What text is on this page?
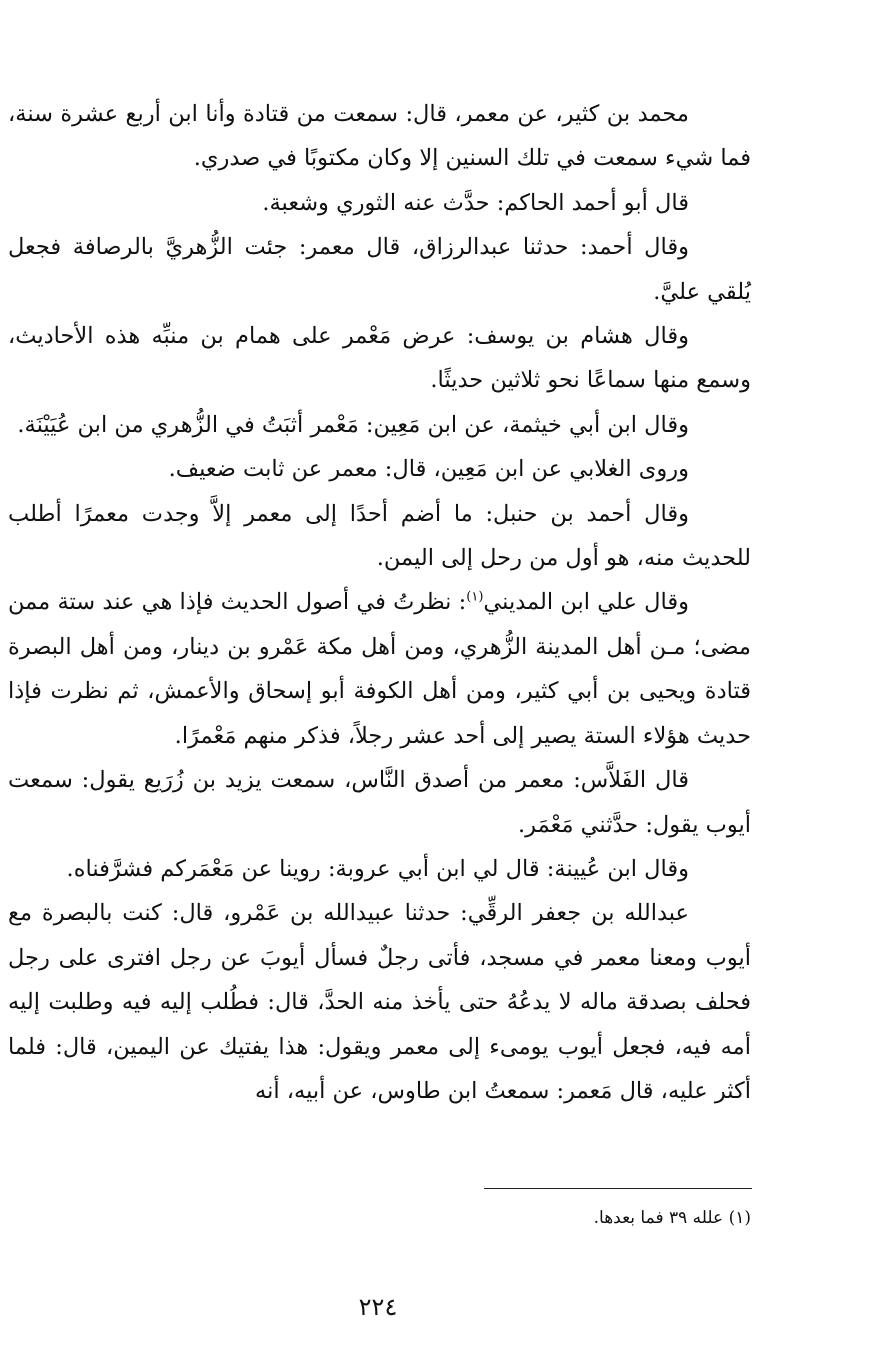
محمد بن كثير، عن معمر، قال: سمعت من قتادة وأنا ابن أربع عشرة سنة، فما شيء سمعت في تلك السنين إلا وكان مكتوبًا في صدري.

قال أبو أحمد الحاكم: حدَّث عنه الثوري وشعبة.

وقال أحمد: حدثنا عبدالرزاق، قال معمر: جئت الزُّهريَّ بالرصافة فجعل يُلقي عليَّ.

وقال هشام بن يوسف: عرض مَعْمر على همام بن منبِّه هذه الأحاديث، وسمع منها سماعًا نحو ثلاثين حديثًا.

وقال ابن أبي خيثمة، عن ابن مَعِين: مَعْمر أثبَتُ في الزُّهري من ابن عُيَيْنَة.

وروى الغلابي عن ابن مَعِين، قال: معمر عن ثابت ضعيف.

وقال أحمد بن حنبل: ما أضم أحدًا إلى معمر إلاَّ وجدت معمرًا أطلب للحديث منه، هو أول من رحل إلى اليمن.

وقال علي ابن المديني$^{(١)}$: نظرتُ في أصول الحديث فإذا هي عند ستة ممن مضى؛ مـن أهل المدينة الزُّهري، ومن أهل مكة عَمْرو بن دينار، ومن أهل البصرة قتادة ويحيى بن أبي كثير، ومن أهل الكوفة أبو إسحاق والأعمش، ثم نظرت فإذا حديث هؤلاء الستة يصير إلى أحد عشر رجلاً، فذكر منهم مَعْمرًا.

قال الفَلاَّس: معمر من أصدق النَّاس، سمعت يزيد بن زُرَيع يقول: سمعت أيوب يقول: حدَّثني مَعْمَر.

وقال ابن عُيينة: قال لي ابن أبي عروبة: روينا عن مَعْمَركم فشرَّفناه.

عبدالله بن جعفر الرقِّي: حدثنا عبيدالله بن عَمْرو، قال: كنت بالبصرة مع أيوب ومعنا معمر في مسجد، فأتى رجلٌ فسأل أيوبَ عن رجل افترى على رجل فحلف بصدقة ماله لا يدعُهُ حتى يأخذ منه الحدَّ، قال: فطُلب إليه فيه وطلبت إليه أمه فيه، فجعل أيوب يومىء إلى معمر ويقول: هذا يفتيك عن اليمين، قال: فلما أكثر عليه، قال مَعمر: سمعتُ ابن طاوس، عن أبيه، أنه

(١) علله ٣٩ فما بعدها.
٢٢٤
